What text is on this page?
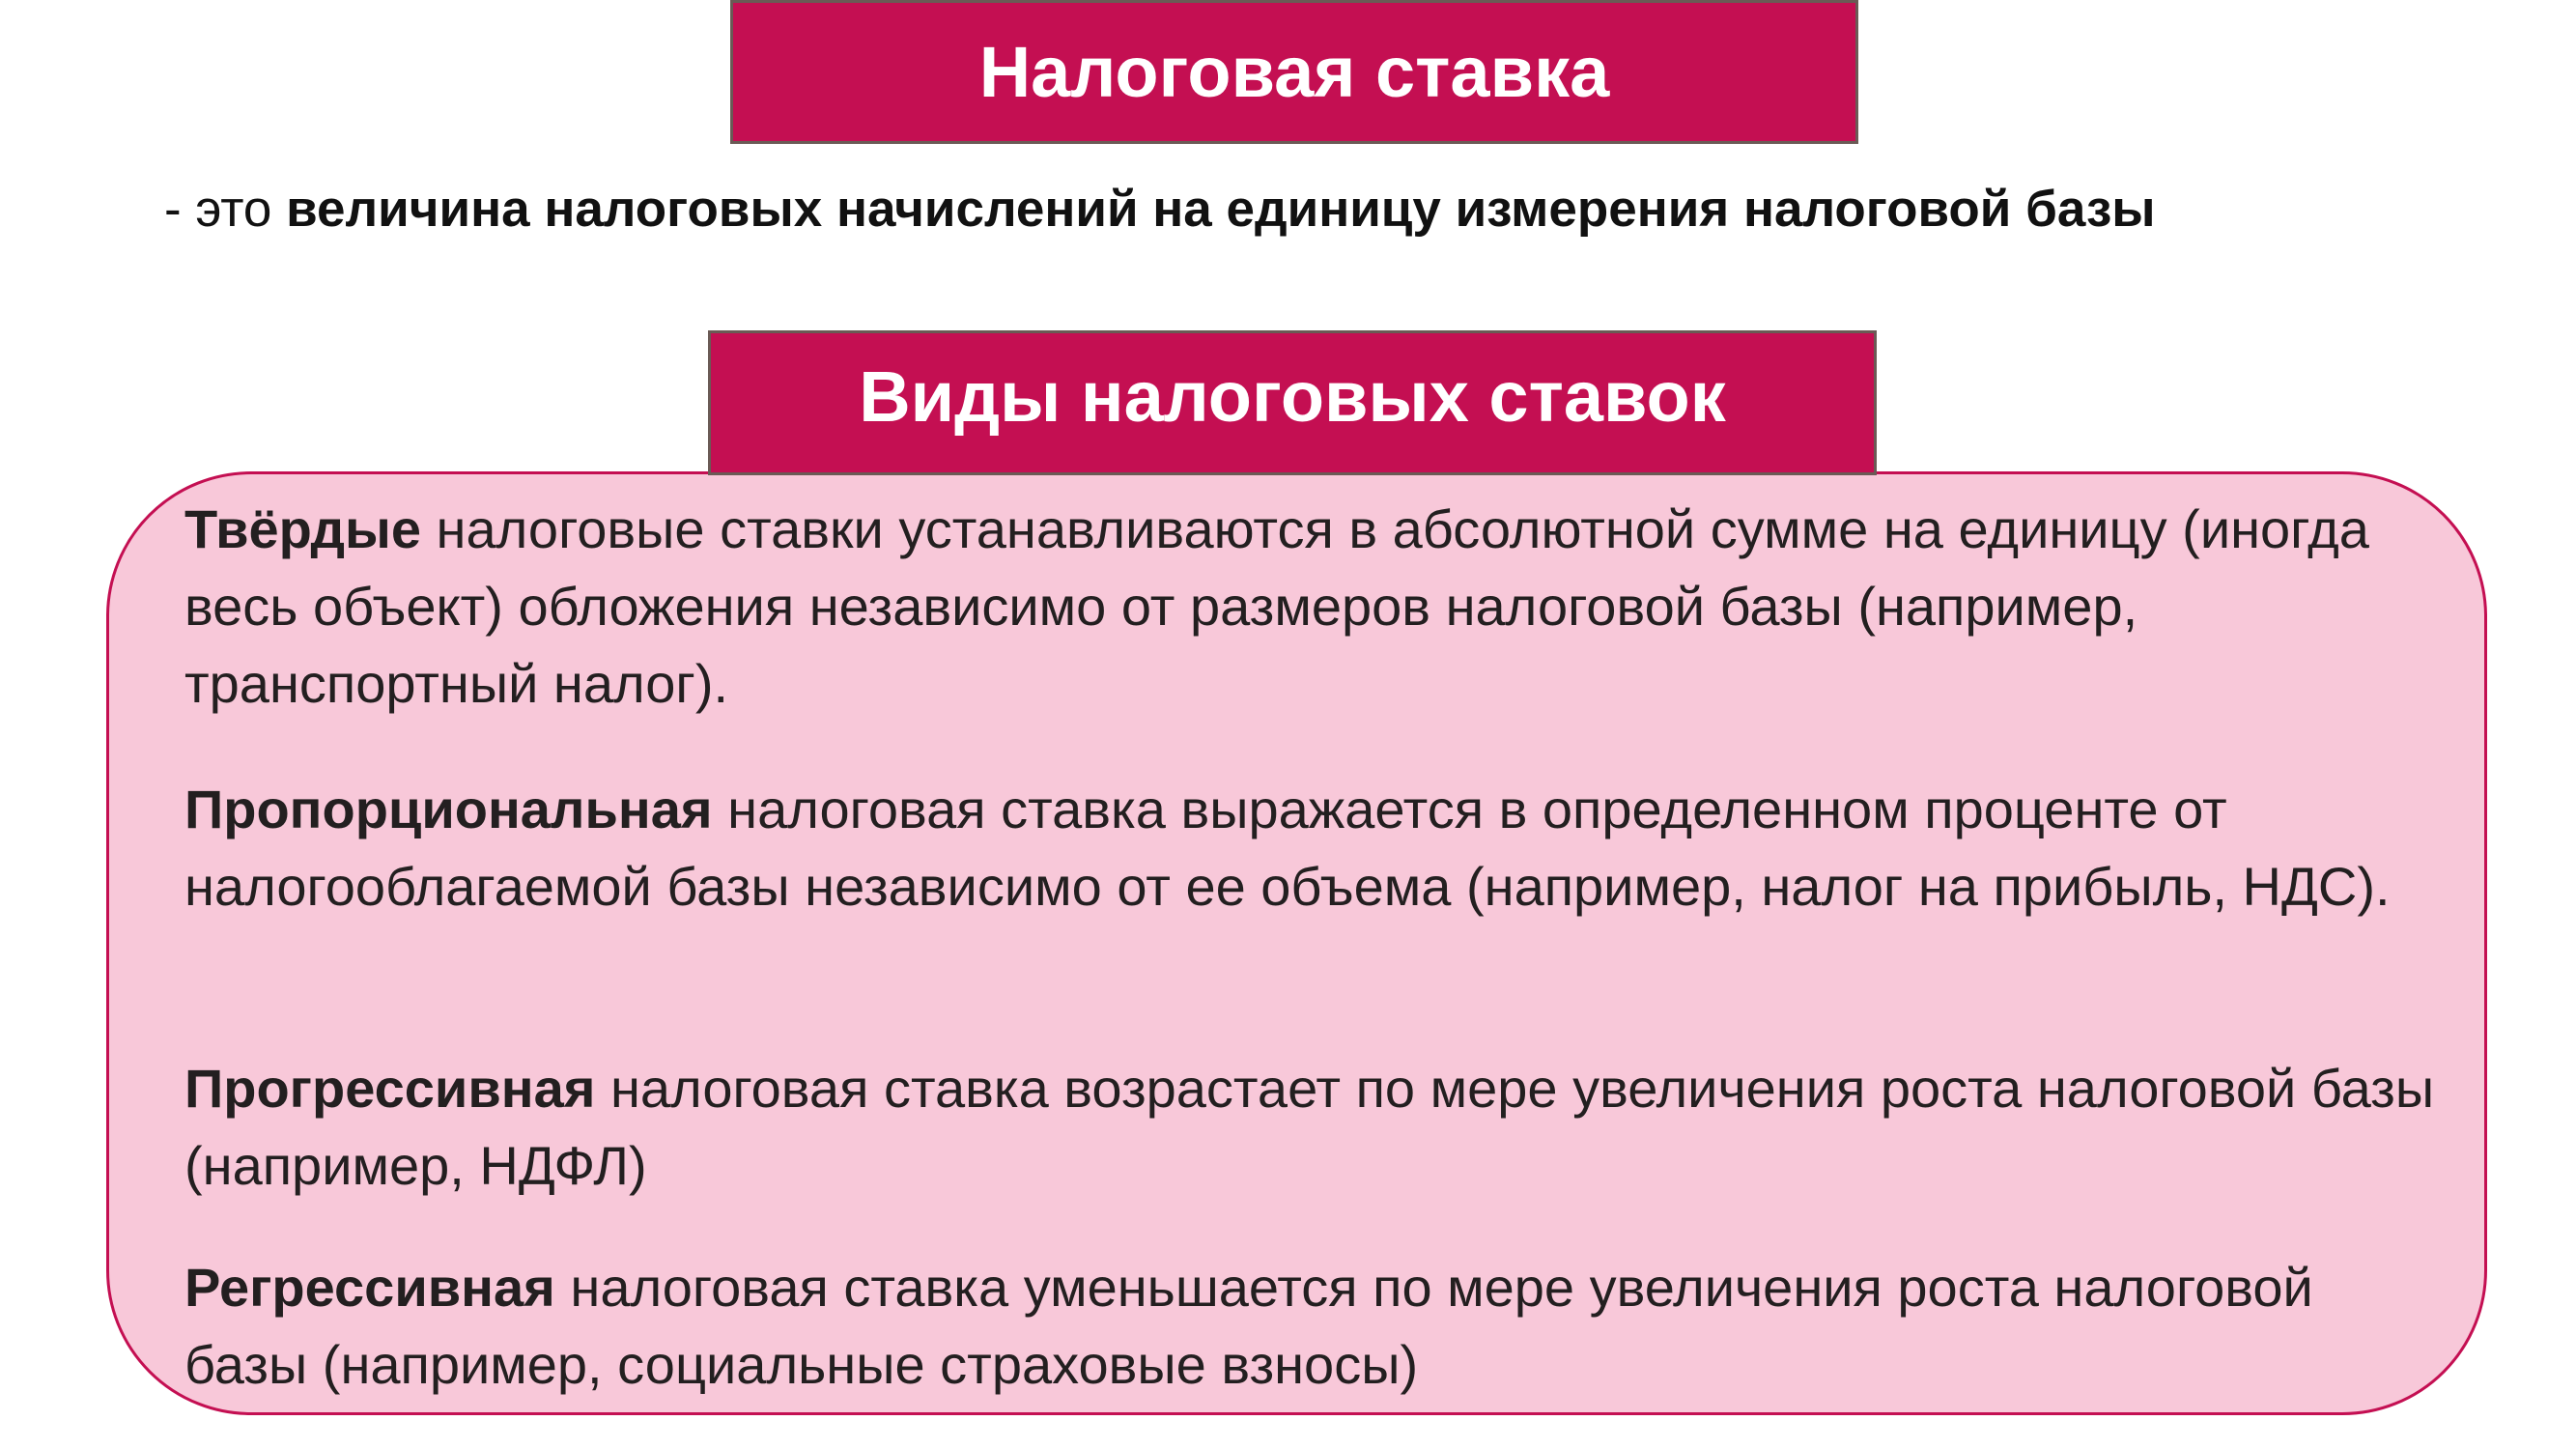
Налоговая ставка
- это величина налоговых начислений на единицу измерения налоговой базы
Виды налоговых ставок
Твёрдые налоговые ставки устанавливаются в абсолютной сумме на единицу (иногда весь объект) обложения независимо от размеров налоговой базы (например, транспортный налог).
Пропорциональная налоговая ставка выражается в определенном проценте от налогооблагаемой базы независимо от ее объема (например, налог на прибыль, НДС).
Прогрессивная налоговая ставка возрастает по мере увеличения роста налоговой базы (например, НДФЛ)
Регрессивная налоговая ставка уменьшается по мере увеличения роста налоговой базы (например, социальные страховые взносы)
